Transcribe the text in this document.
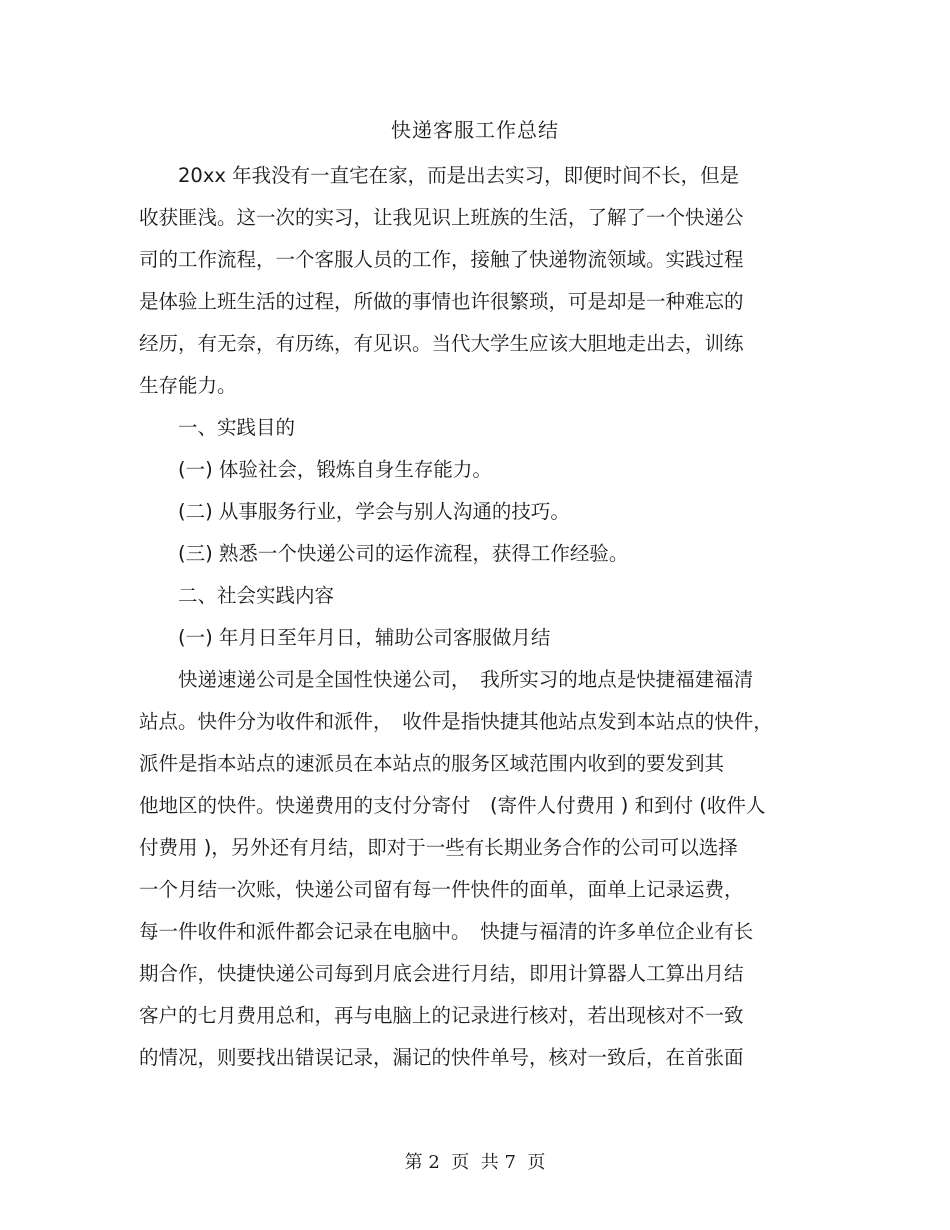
快递客服工作总结
　　20xx 年我没有一直宅在家，而是出去实习，即便时间不长，但是
收获匪浅。这一次的实习，让我见识上班族的生活，了解了一个快递公
司的工作流程，一个客服人员的工作，接触了快递物流领域。实践过程
是体验上班生活的过程，所做的事情也许很繁琐，可是却是一种难忘的
经历，有无奈，有历练，有见识。当代大学生应该大胆地走出去，训练
生存能力。
　　一、实践目的
　　(一) 体验社会，锻炼自身生存能力。
　　(二) 从事服务行业，学会与别人沟通的技巧。
　　(三) 熟悉一个快递公司的运作流程，获得工作经验。
　　二、社会实践内容
　　(一) 年月日至年月日，辅助公司客服做月结
　　快递速递公司是全国性快递公司，　我所实习的地点是快捷福建福清
站点。快件分为收件和派件，　收件是指快捷其他站点发到本站点的快件，
派件是指本站点的速派员在本站点的服务区域范围内收到的要发到其
他地区的快件。快递费用的支付分寄付　(寄件人付费用 ) 和到付 (收件人
付费用 )，另外还有月结，即对于一些有长期业务合作的公司可以选择
一个月结一次账，快递公司留有每一件快件的面单，面单上记录运费，
每一件收件和派件都会记录在电脑中。　快捷与福清的许多单位企业有长
期合作，快捷快递公司每到月底会进行月结，即用计算器人工算出月结
客户的七月费用总和，再与电脑上的记录进行核对，若出现核对不一致
的情况，则要找出错误记录，漏记的快件单号，核对一致后，在首张面
第 2  页  共 7  页
